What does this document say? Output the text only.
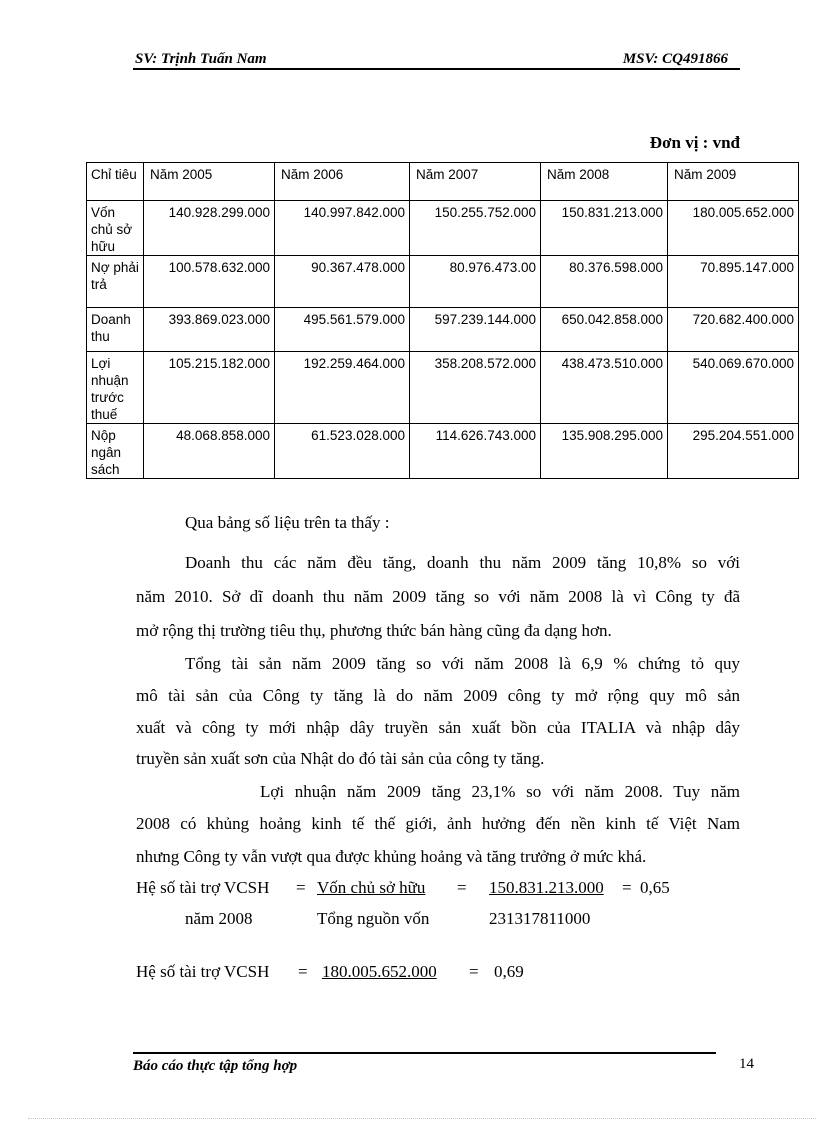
SV: Trịnh Tuấn Nam	MSV: CQ491866
Đơn vị : vnđ
Chỉ tiêu	Năm 2005	Năm 2006	Năm 2007	Năm 2008	Năm 2009
Vốn chủ sở hữu	140.928.299.000	140.997.842.000	150.255.752.000	150.831.213.000	180.005.652.000
Nợ phải trả	100.578.632.000	90.367.478.000	80.976.473.00	80.376.598.000	70.895.147.000
Doanh thu	393.869.023.000	495.561.579.000	597.239.144.000	650.042.858.000	720.682.400.000
Lợi nhuận trước thuế	105.215.182.000	192.259.464.000	358.208.572.000	438.473.510.000	540.069.670.000
Nộp ngân sách	48.068.858.000	61.523.028.000	114.626.743.000	135.908.295.000	295.204.551.000
Qua bảng số liệu trên ta thấy :
Doanh thu các năm đều tăng, doanh thu năm 2009 tăng 10,8% so với
năm 2010. Sở dĩ doanh thu năm 2009 tăng so với năm 2008 là vì Công ty đã
mở rộng thị trường tiêu thụ, phương thức bán hàng cũng đa dạng hơn.
Tổng tài sản năm 2009 tăng so với năm 2008 là 6,9 % chứng tỏ quy
mô tài sản của Công ty tăng là do năm 2009 công ty mở rộng quy mô sản
xuất và công ty mới nhập dây truyền sản xuất bồn của ITALIA và nhập dây
truyền sản xuất sơn của Nhật do đó tài sản của công ty tăng.
Lợi nhuận năm 2009 tăng 23,1% so với năm 2008. Tuy năm
2008 có khủng hoảng kinh tế thế giới, ảnh hưởng đến nền kinh tế Việt Nam
nhưng Công ty vẫn vượt qua được khủng hoảng và tăng trưởng ở mức khá.
Hệ số tài trợ VCSH = Vốn chủ sở hữu = 150.831.213.000 = 0,65
năm 2008	Tổng nguồn vốn	231317811000
Hệ số tài trợ VCSH = 180.005.652.000 = 0,69
Báo cáo thực tập tổng hợp	14
